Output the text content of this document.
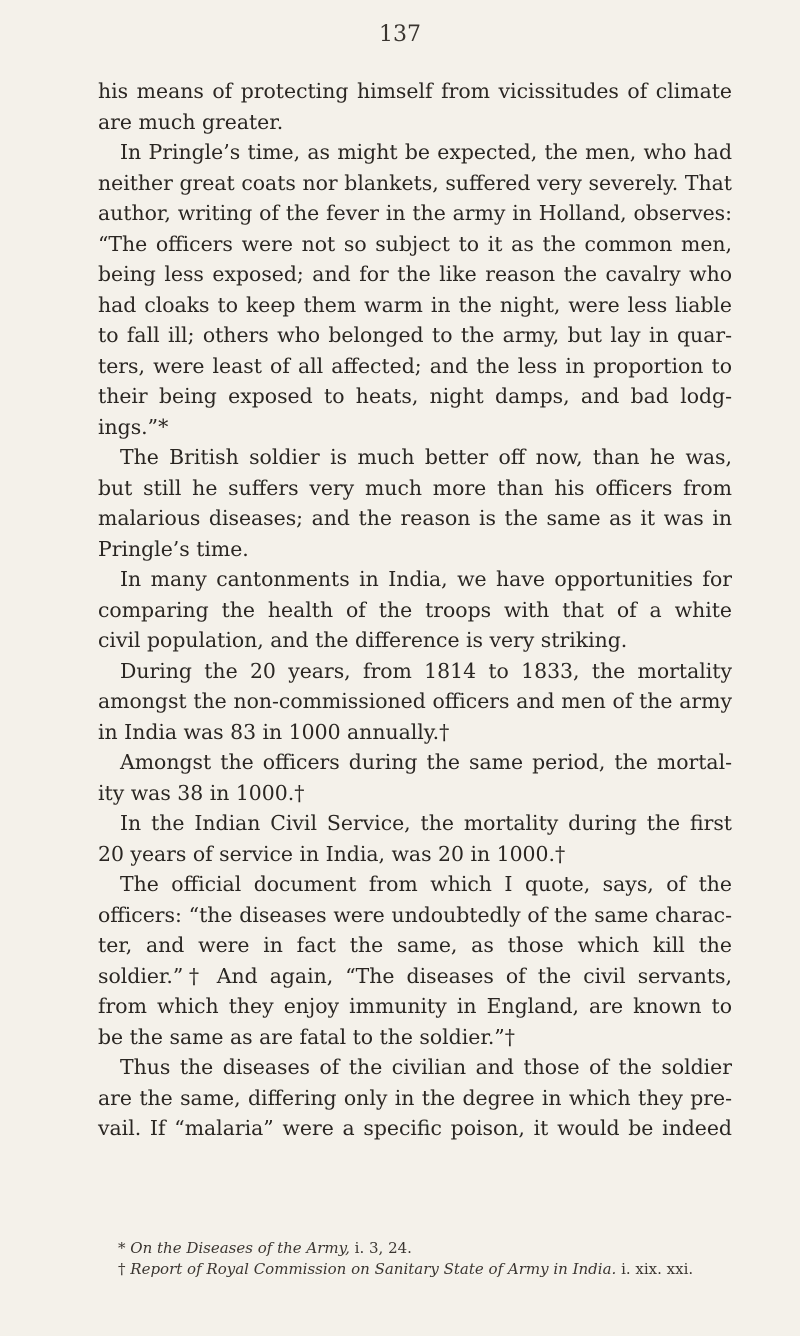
137
his means of protecting himself from vicissitudes of climate
are much greater.
In Pringle’s time, as might be expected, the men, who had
neither great coats nor blankets, suffered very severely. That
author, writing of the fever in the army in Holland, observes:
“The officers were not so subject to it as the common men,
being less exposed; and for the like reason the cavalry who
had cloaks to keep them warm in the night, were less liable
to fall ill; others who belonged to the army, but lay in quar-
ters, were least of all affected; and the less in proportion to
their being exposed to heats, night damps, and bad lodg-
ings.”*
The British soldier is much better off now, than he was,
but still he suffers very much more than his officers from
malarious diseases; and the reason is the same as it was in
Pringle’s time.
In many cantonments in India, we have opportunities for
comparing the health of the troops with that of a white
civil population, and the difference is very striking.
During the 20 years, from 1814 to 1833, the mortality
amongst the non-commissioned officers and men of the army
in India was 83 in 1000 annually.†
Amongst the officers during the same period, the mortal-
ity was 38 in 1000.†
In the Indian Civil Service, the mortality during the first
20 years of service in India, was 20 in 1000.†
The official document from which I quote, says, of the
officers: “the diseases were undoubtedly of the same charac-
ter, and were in fact the same, as those which kill the
soldier.”† And again, “The diseases of the civil servants,
from which they enjoy immunity in England, are known to
be the same as are fatal to the soldier.”†
Thus the diseases of the civilian and those of the soldier
are the same, differing only in the degree in which they pre-
vail. If “malaria” were a specific poison, it would be indeed
* On the Diseases of the Army, i. 3, 24.
† Report of Royal Commission on Sanitary State of Army in India. i. xix. xxi.
